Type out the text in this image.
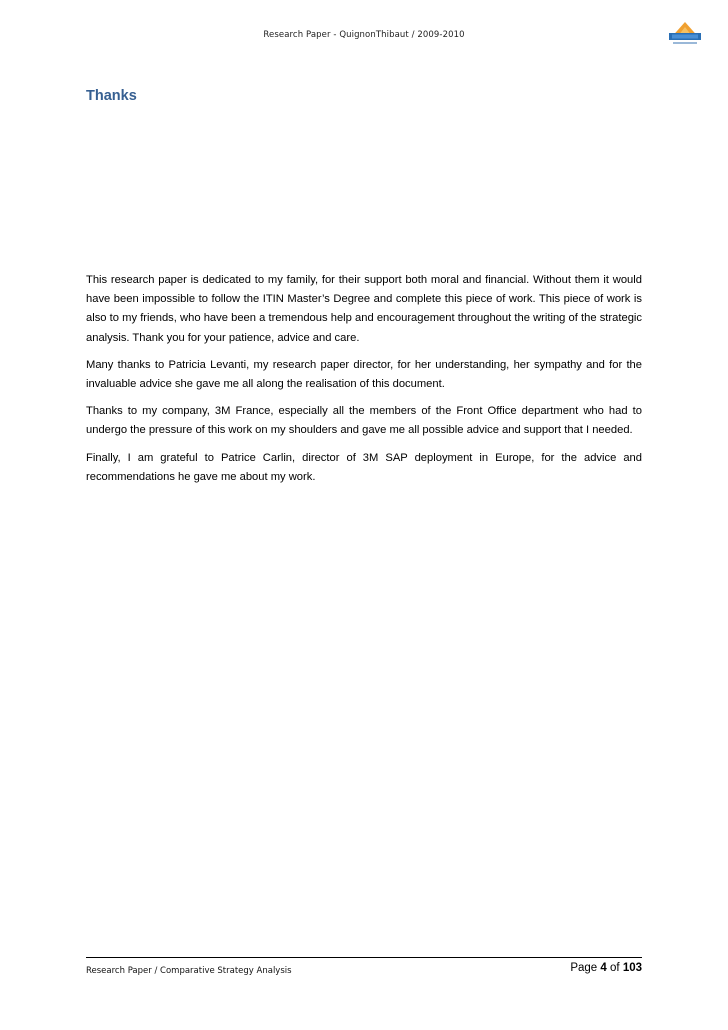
Research Paper - QuignonThibaut / 2009-2010
Thanks

This research paper is dedicated to my family, for their support both moral and financial. Without them it would have been impossible to follow the ITIN Master’s Degree and complete this piece of work. This piece of work is also to my friends, who have been a tremendous help and encouragement throughout the writing of the strategic analysis. Thank you for your patience, advice and care.

Many thanks to Patricia Levanti, my research paper director, for her understanding, her sympathy and for the invaluable advice she gave me all along the realisation of this document.

Thanks to my company, 3M France, especially all the members of the Front Office department who had to undergo the pressure of this work on my shoulders and gave me all possible advice and support that I needed.

Finally, I am grateful to Patrice Carlin, director of 3M SAP deployment in Europe, for the advice and recommendations he gave me about my work.

Research Paper / Comparative Strategy Analysis	Page 4 of 103
